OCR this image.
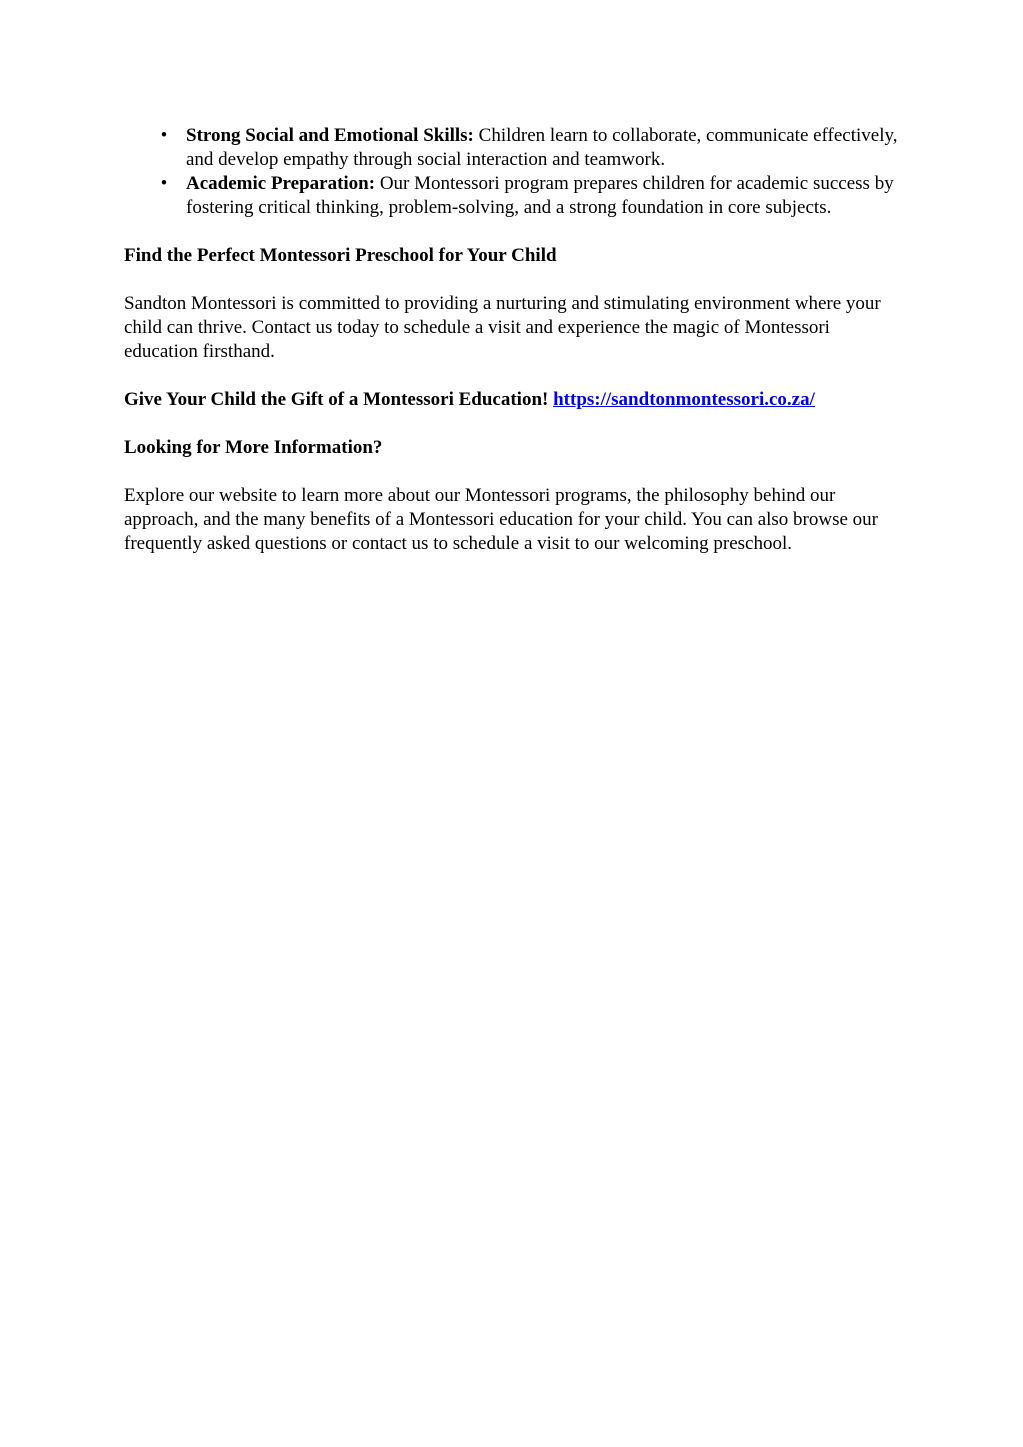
• Strong Social and Emotional Skills: Children learn to collaborate, communicate effectively, and develop empathy through social interaction and teamwork.
• Academic Preparation: Our Montessori program prepares children for academic success by fostering critical thinking, problem-solving, and a strong foundation in core subjects.

Find the Perfect Montessori Preschool for Your Child

Sandton Montessori is committed to providing a nurturing and stimulating environment where your child can thrive. Contact us today to schedule a visit and experience the magic of Montessori education firsthand.

Give Your Child the Gift of a Montessori Education! https://sandtonmontessori.co.za/

Looking for More Information?

Explore our website to learn more about our Montessori programs, the philosophy behind our approach, and the many benefits of a Montessori education for your child. You can also browse our frequently asked questions or contact us to schedule a visit to our welcoming preschool.
